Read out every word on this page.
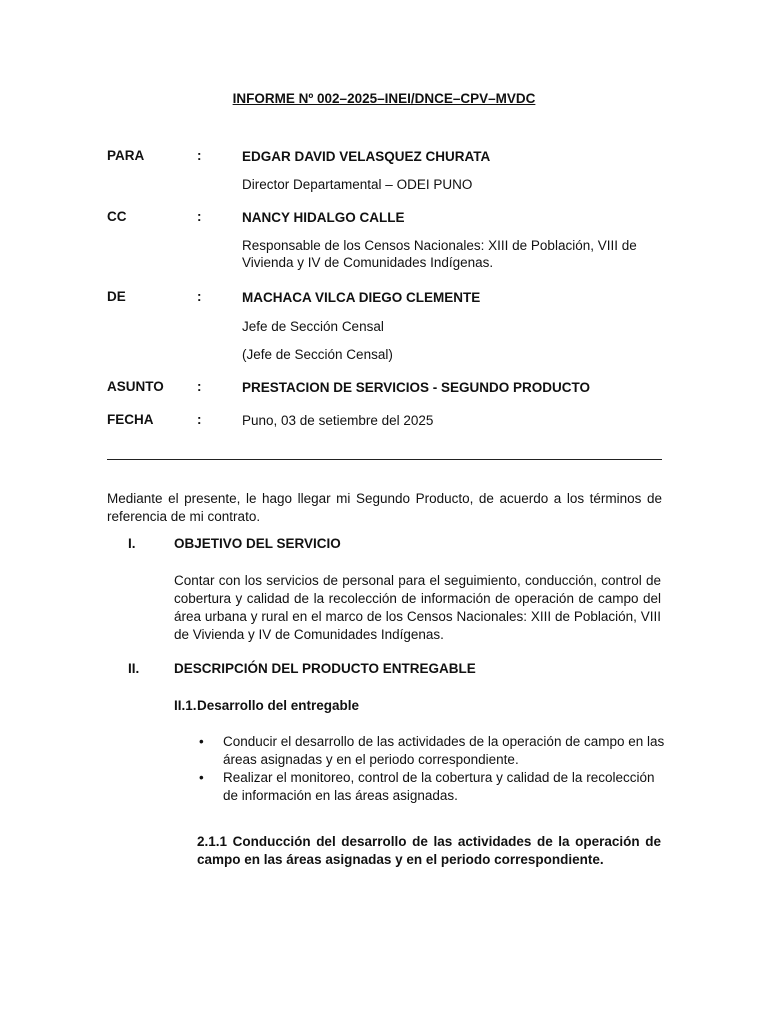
INFORME Nº 002–2025–INEI/DNCE–CPV–MVDC
PARA	:	EDGAR DAVID VELASQUEZ CHURATA
Director Departamental – ODEI PUNO
CC	:	NANCY HIDALGO CALLE
Responsable de los Censos Nacionales: XIII de Población, VIII de Vivienda y IV de Comunidades Indígenas.
DE	:	MACHACA VILCA DIEGO CLEMENTE
Jefe de Sección Censal
(Jefe de Sección Censal)
ASUNTO :	PRESTACION DE SERVICIOS - SEGUNDO PRODUCTO
FECHA	:	Puno, 03 de setiembre del 2025
Mediante el presente, le hago llegar mi Segundo Producto, de acuerdo a los términos de referencia de mi contrato.
I.	OBJETIVO DEL SERVICIO
Contar con los servicios de personal para el seguimiento, conducción, control de cobertura y calidad de la recolección de información de operación de campo del área urbana y rural en el marco de los Censos Nacionales: XIII de Población, VIII de Vivienda y IV de Comunidades Indígenas.
II.	DESCRIPCIÓN DEL PRODUCTO ENTREGABLE
II.1. Desarrollo del entregable
• Conducir el desarrollo de las actividades de la operación de campo en las áreas asignadas y en el periodo correspondiente.
• Realizar el monitoreo, control de la cobertura y calidad de la recolección de información en las áreas asignadas.
2.1.1 Conducción del desarrollo de las actividades de la operación de campo en las áreas asignadas y en el periodo correspondiente.
